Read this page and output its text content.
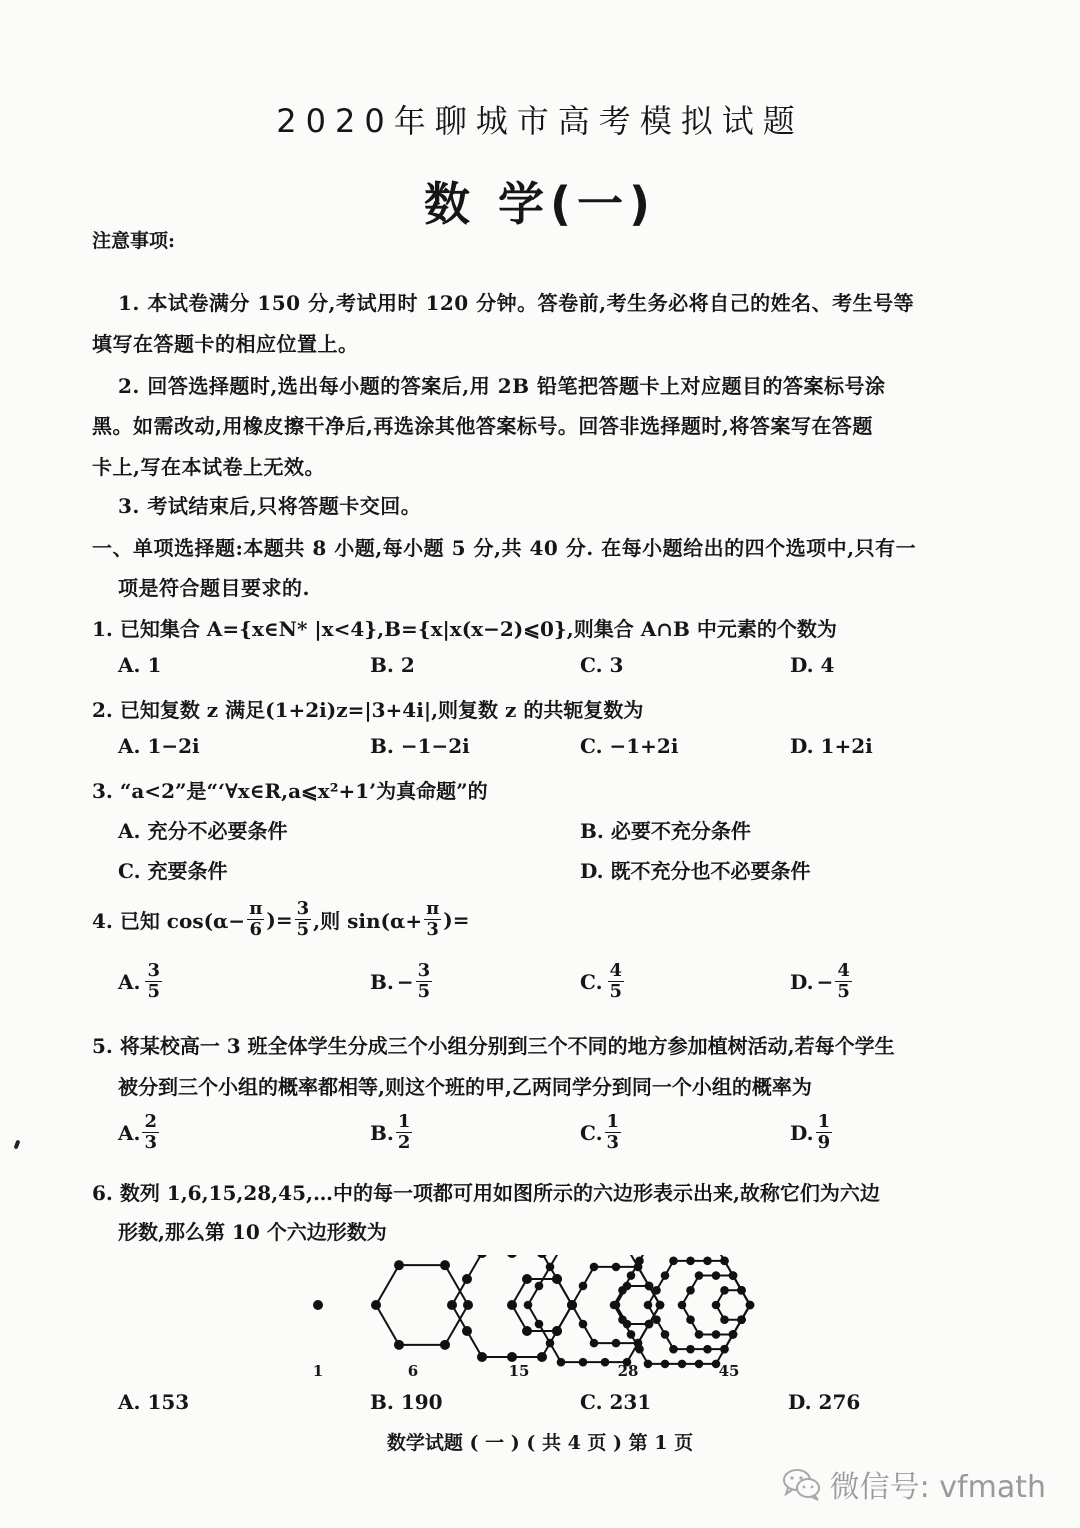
2020年聊城市高考模拟试题
数 学(一)
注意事项:
1. 本试卷满分 150 分,考试用时 120 分钟。答卷前,考生务必将自己的姓名、考生号等
填写在答题卡的相应位置上。
2. 回答选择题时,选出每小题的答案后,用 2B 铅笔把答题卡上对应题目的答案标号涂
黑。如需改动,用橡皮擦干净后,再选涂其他答案标号。回答非选择题时,将答案写在答题
卡上,写在本试卷上无效。
3. 考试结束后,只将答题卡交回。
一、单项选择题:本题共 8 小题,每小题 5 分,共 40 分. 在每小题给出的四个选项中,只有一
项是符合题目要求的.
1. 已知集合 A={x∈N* |x<4},B={x|x(x−2)⩽0},则集合 A∩B 中元素的个数为
A. 1	B. 2	C. 3	D. 4
2. 已知复数 z 满足(1+2i)z=|3+4i|,则复数 z 的共轭复数为
A. 1−2i	B. −1−2i	C. −1+2i	D. 1+2i
3. “a<2”是“‘∀x∈R,a⩽x²+1’为真命题”的
A. 充分不必要条件	B. 必要不充分条件
C. 充要条件	D. 既不充分也不必要条件
4. 已知 $\cos(\alpha- \frac{\pi}{6}$ )= $\frac{3}{5}$ ,则 $\sin(\alpha+ \frac{\pi}{3}$ )=
A. $\frac{3}{5}$	B. − $\frac{3}{5}$	C. $\frac{4}{5}$	D. − $\frac{4}{5}$
5. 将某校高一 3 班全体学生分成三个小组分别到三个不同的地方参加植树活动,若每个学生
被分到三个小组的概率都相等,则这个班的甲,乙两同学分到同一个小组的概率为
A. $\frac{2}{3}$	B. $\frac{1}{2}$	C. $\frac{1}{3}$	D. $\frac{1}{9}$
6. 数列 1,6,15,28,45,…中的每一项都可用如图所示的六边形表示出来,故称它们为六边
形数,那么第 10 个六边形数为
1	6	15	28	45
A. 153	B. 190	C. 231	D. 276
数学试题 ( 一 ) ( 共 4 页 ) 第 1 页
微信号: vfmath
